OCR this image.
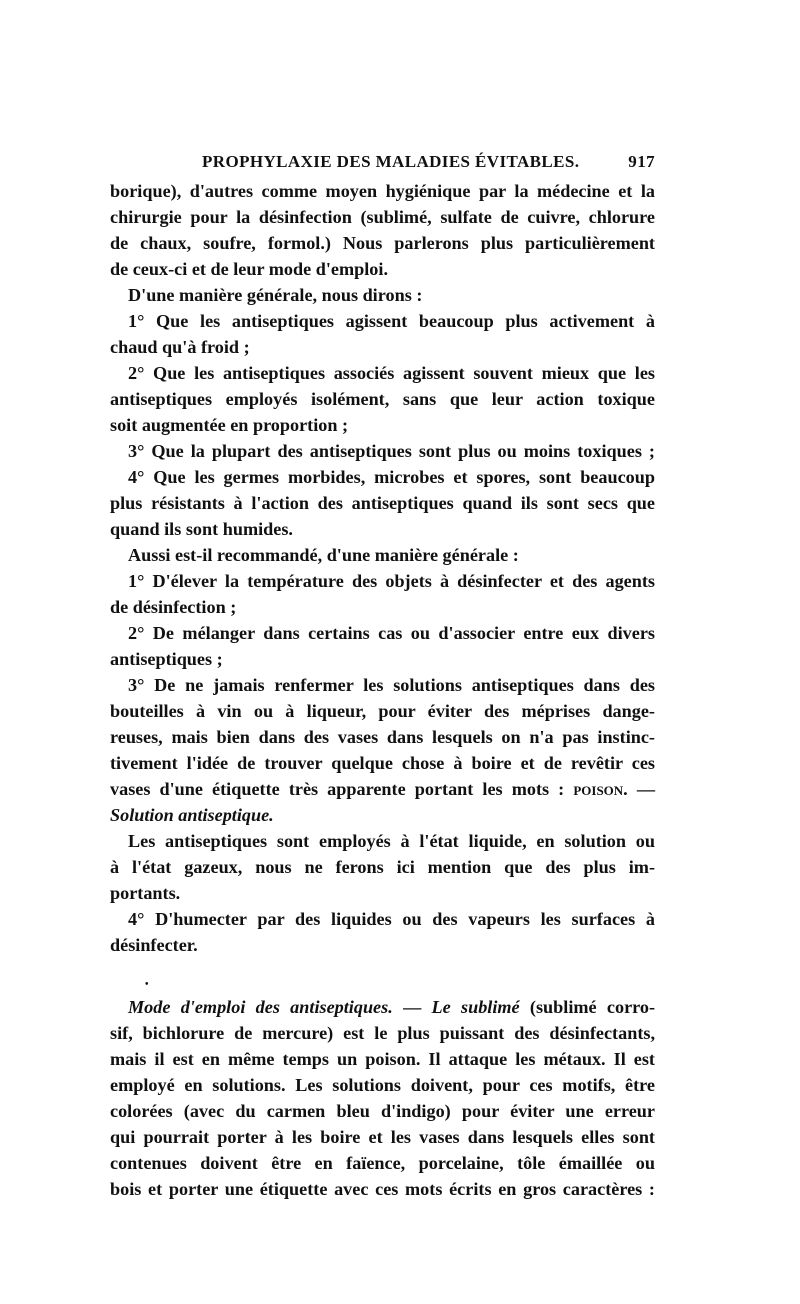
PROPHYLAXIE DES MALADIES ÉVITABLES.	917
borique), d'autres comme moyen hygiénique par la médecine et la
chirurgie pour la désinfection (sublimé, sulfate de cuivre, chlorure
de chaux, soufre, formol.) Nous parlerons plus particulièrement
de ceux-ci et de leur mode d'emploi.
D'une manière générale, nous dirons :
1° Que les antiseptiques agissent beaucoup plus activement à
chaud qu'à froid ;
2° Que les antiseptiques associés agissent souvent mieux que les
antiseptiques employés isolément, sans que leur action toxique
soit augmentée en proportion ;
3° Que la plupart des antiseptiques sont plus ou moins toxiques ;
4° Que les germes morbides, microbes et spores, sont beaucoup
plus résistants à l'action des antiseptiques quand ils sont secs que
quand ils sont humides.
Aussi est-il recommandé, d'une manière générale :
1° D'élever la température des objets à désinfecter et des agents
de désinfection ;
2° De mélanger dans certains cas ou d'associer entre eux divers
antiseptiques ;
3° De ne jamais renfermer les solutions antiseptiques dans des
bouteilles à vin ou à liqueur, pour éviter des méprises dange-
reuses, mais bien dans des vases dans lesquels on n'a pas instinc-
tivement l'idée de trouver quelque chose à boire et de revêtir ces
vases d'une étiquette très apparente portant les mots : poison. —
Solution antiseptique.
Les antiseptiques sont employés à l'état liquide, en solution ou
à l'état gazeux, nous ne ferons ici mention que des plus im-
portants.
4° D'humecter par des liquides ou des vapeurs les surfaces à
désinfecter.
•
Mode d'emploi des antiseptiques. — Le sublimé (sublimé corro-
sif, bichlorure de mercure) est le plus puissant des désinfectants,
mais il est en même temps un poison. Il attaque les métaux. Il est
employé en solutions. Les solutions doivent, pour ces motifs, être
colorées (avec du carmen bleu d'indigo) pour éviter une erreur
qui pourrait porter à les boire et les vases dans lesquels elles sont
contenues doivent être en faïence, porcelaine, tôle émaillée ou
bois et porter une étiquette avec ces mots écrits en gros caractères :
